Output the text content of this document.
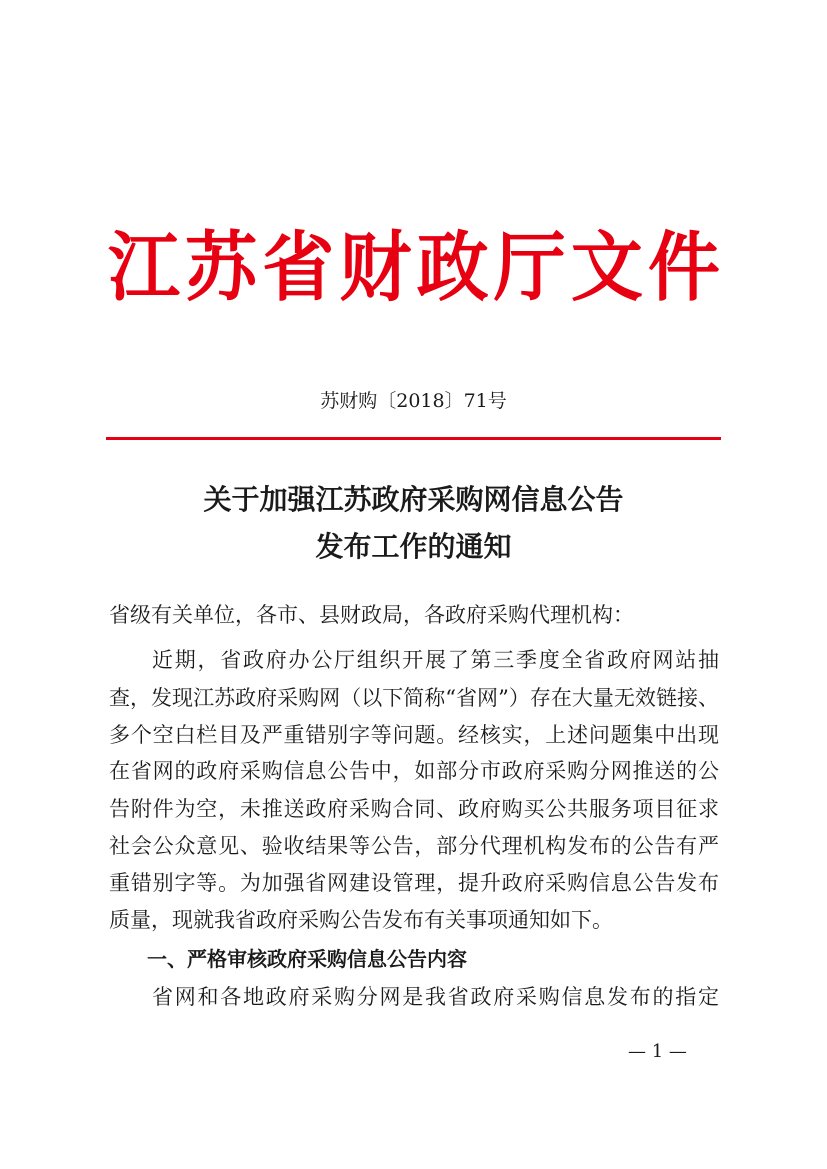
江 苏 省 财 政 厅 文 件
苏财购〔2018〕71号
关于加强江苏政府采购网信息公告
发布工作的通知
省级有关单位，各市、县财政局，各政府采购代理机构：
近期，省政府办公厅组织开展了第三季度全省政府网站抽
查，发现江苏政府采购网（以下简称“省网”）存在大量无效链接、
多个空白栏目及严重错别字等问题。经核实，上述问题集中出现
在省网的政府采购信息公告中，如部分市政府采购分网推送的公
告附件为空，未推送政府采购合同、政府购买公共服务项目征求
社会公众意见、验收结果等公告，部分代理机构发布的公告有严
重错别字等。为加强省网建设管理，提升政府采购信息公告发布
质量，现就我省政府采购公告发布有关事项通知如下。
一、严格审核政府采购信息公告内容
省网和各地政府采购分网是我省政府采购信息发布的指定
— 1 —
